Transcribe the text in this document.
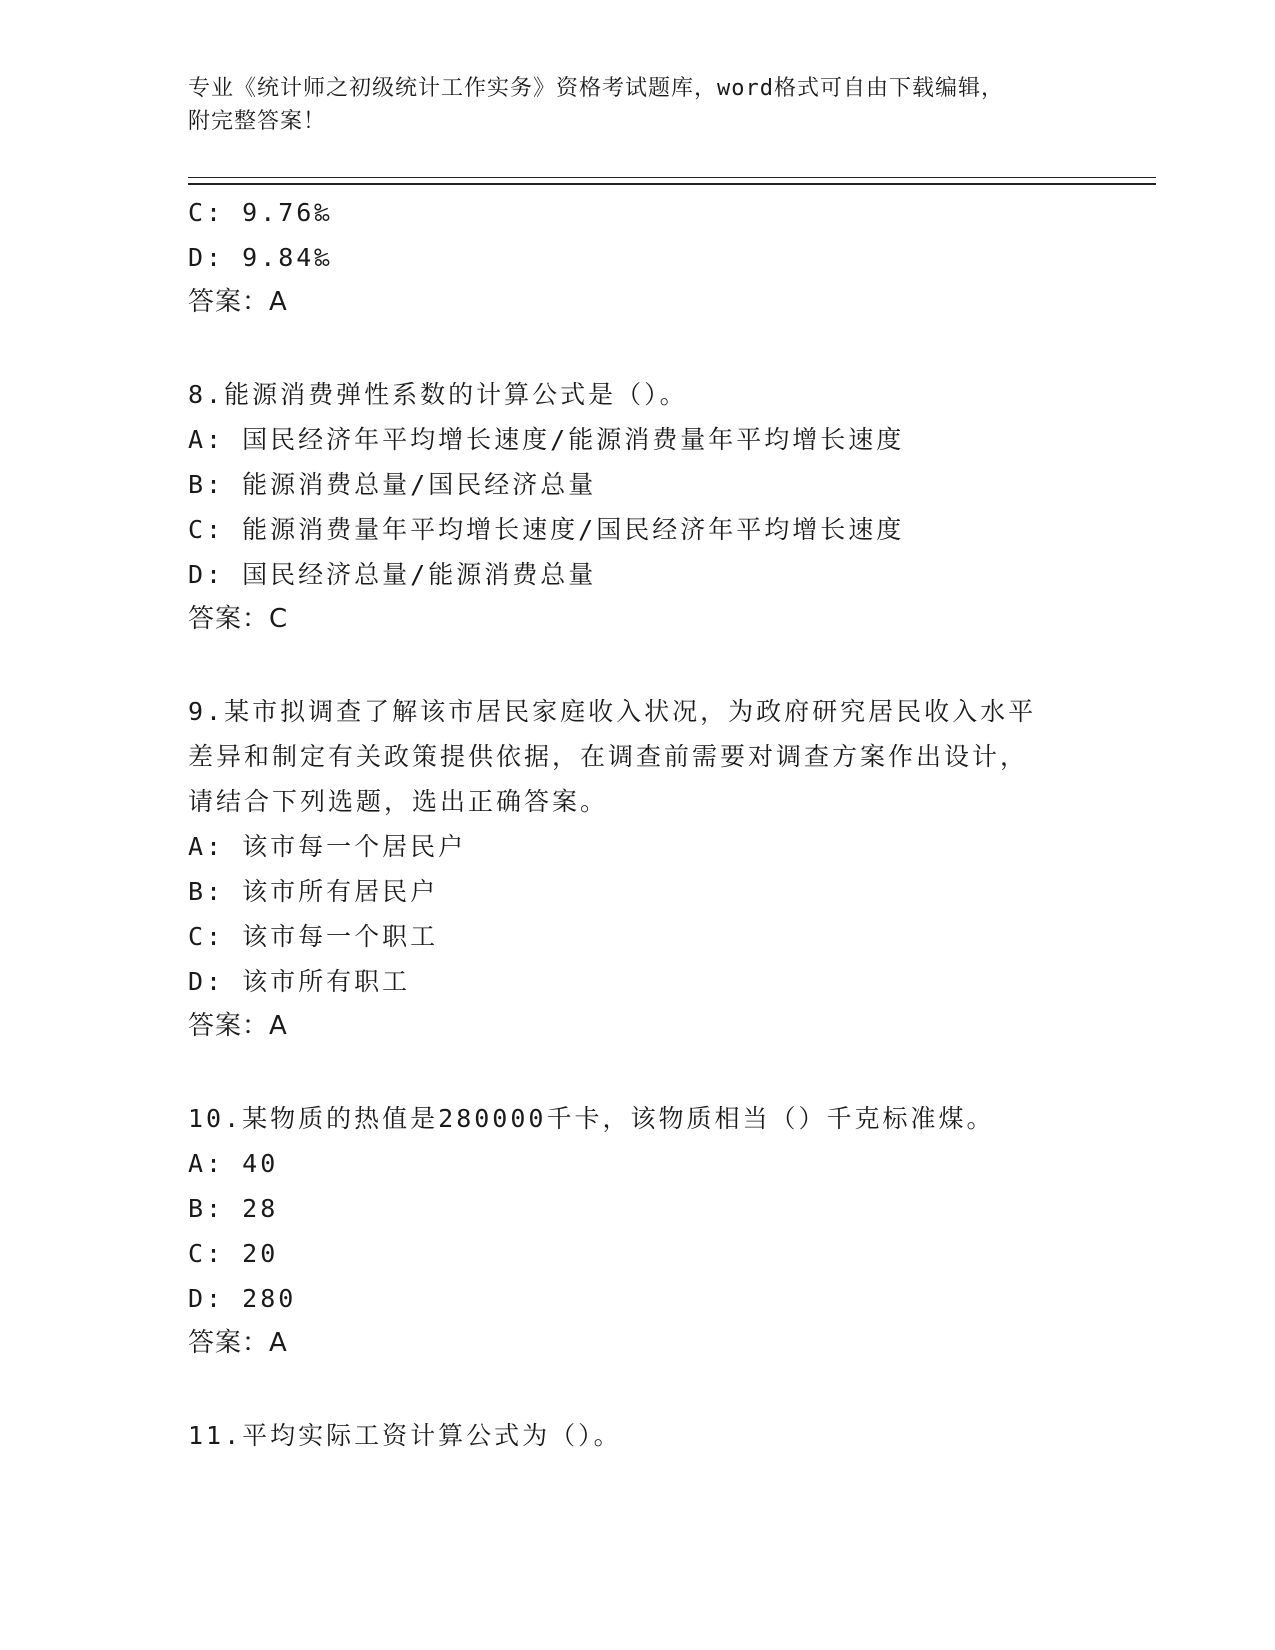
专业《统计师之初级统计工作实务》资格考试题库，word格式可自由下载编辑，
附完整答案！
C: 9.76‰
D: 9.84‰
答案：A
8.能源消费弹性系数的计算公式是（）。
A: 国民经济年平均增长速度/能源消费量年平均增长速度
B: 能源消费总量/国民经济总量
C: 能源消费量年平均增长速度/国民经济年平均增长速度
D: 国民经济总量/能源消费总量
答案：C
9.某市拟调查了解该市居民家庭收入状况，为政府研究居民收入水平
差异和制定有关政策提供依据，在调查前需要对调查方案作出设计，
请结合下列选题，选出正确答案。
A: 该市每一个居民户
B: 该市所有居民户
C: 该市每一个职工
D: 该市所有职工
答案：A
10.某物质的热值是280000千卡，该物质相当（）千克标准煤。
A: 40
B: 28
C: 20
D: 280
答案：A
11.平均实际工资计算公式为（）。
